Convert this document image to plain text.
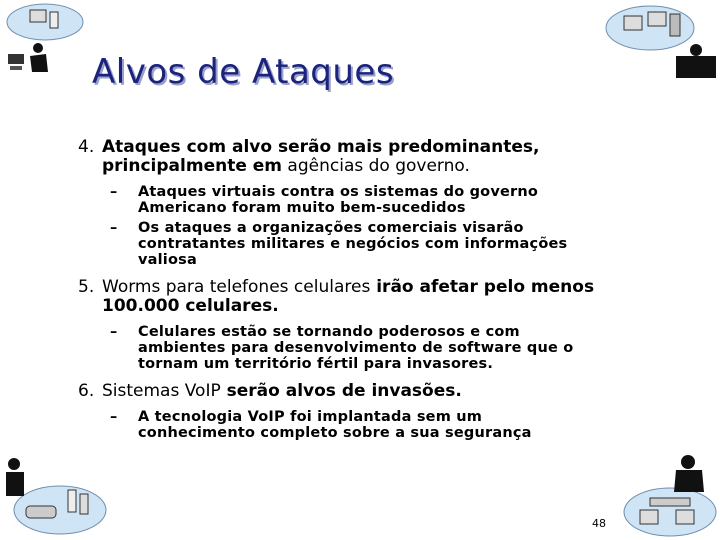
Alvos de Ataques
4. Ataques com alvo serão mais predominantes,
principalmente em agências do governo.
– Ataques virtuais contra os sistemas do governo
Americano foram muito bem-sucedidos
– Os ataques a organizações comerciais visarão
contratantes militares e negócios com informações
valiosa
5. Worms para telefones celulares irão afetar pelo menos
100.000 celulares.
– Celulares estão se tornando poderosos e com
ambientes para desenvolvimento de software que o
tornam um território fértil para invasores.
6. Sistemas VoIP serão alvos de invasões.
– A tecnologia VoIP foi implantada sem um
conhecimento completo sobre a sua segurança
48
